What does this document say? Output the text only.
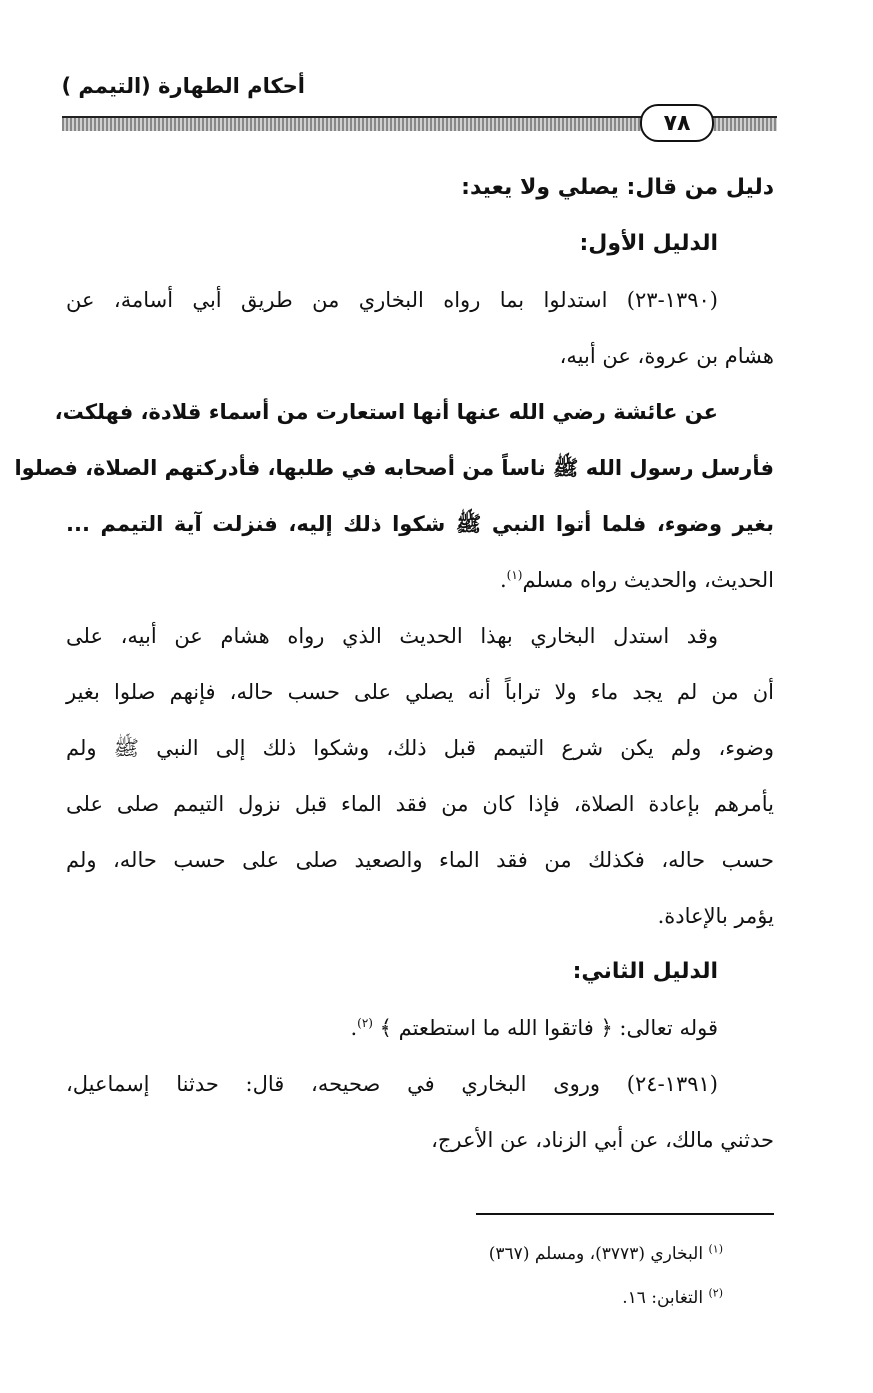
أحكام الطهارة (التيمم )
٧٨
دليل من قال: يصلي ولا يعيد:
الدليل الأول:
(١٣٩٠-٢٣) استدلوا بما رواه البخاري من طريق أبي أسامة، عن
هشام بن عروة، عن أبيه،
عن عائشة رضي الله عنها أنها استعارت من أسماء قلادة، فهلكت،
فأرسل رسول الله ﷺ ناساً من أصحابه في طلبها، فأدركتهم الصلاة، فصلوا
بغير وضوء، فلما أتوا النبي ﷺ شكوا ذلك إليه، فنزلت آية التيمم ...
الحديث، والحديث رواه مسلم$^{(١)}$.
وقد استدل البخاري بهذا الحديث الذي رواه هشام عن أبيه، على
أن من لم يجد ماء ولا تراباً أنه يصلي على حسب حاله، فإنهم صلوا بغير
وضوء، ولم يكن شرع التيمم قبل ذلك، وشكوا ذلك إلى النبي ﷺ ولم
يأمرهم بإعادة الصلاة، فإذا كان من فقد الماء قبل نزول التيمم صلى على
حسب حاله، فكذلك من فقد الماء والصعيد صلى على حسب حاله، ولم
يؤمر بالإعادة.
الدليل الثاني:
قوله تعالى: ﴿ فاتقوا الله ما استطعتم ﴾ $^{(٢)}$.
(١٣٩١-٢٤) وروى البخاري في صحيحه، قال: حدثنا إسماعيل،
حدثني مالك، عن أبي الزناد، عن الأعرج،
$^{(١)}$ البخاري (٣٧٧٣)، ومسلم (٣٦٧)
$^{(٢)}$ التغابن: ١٦.
